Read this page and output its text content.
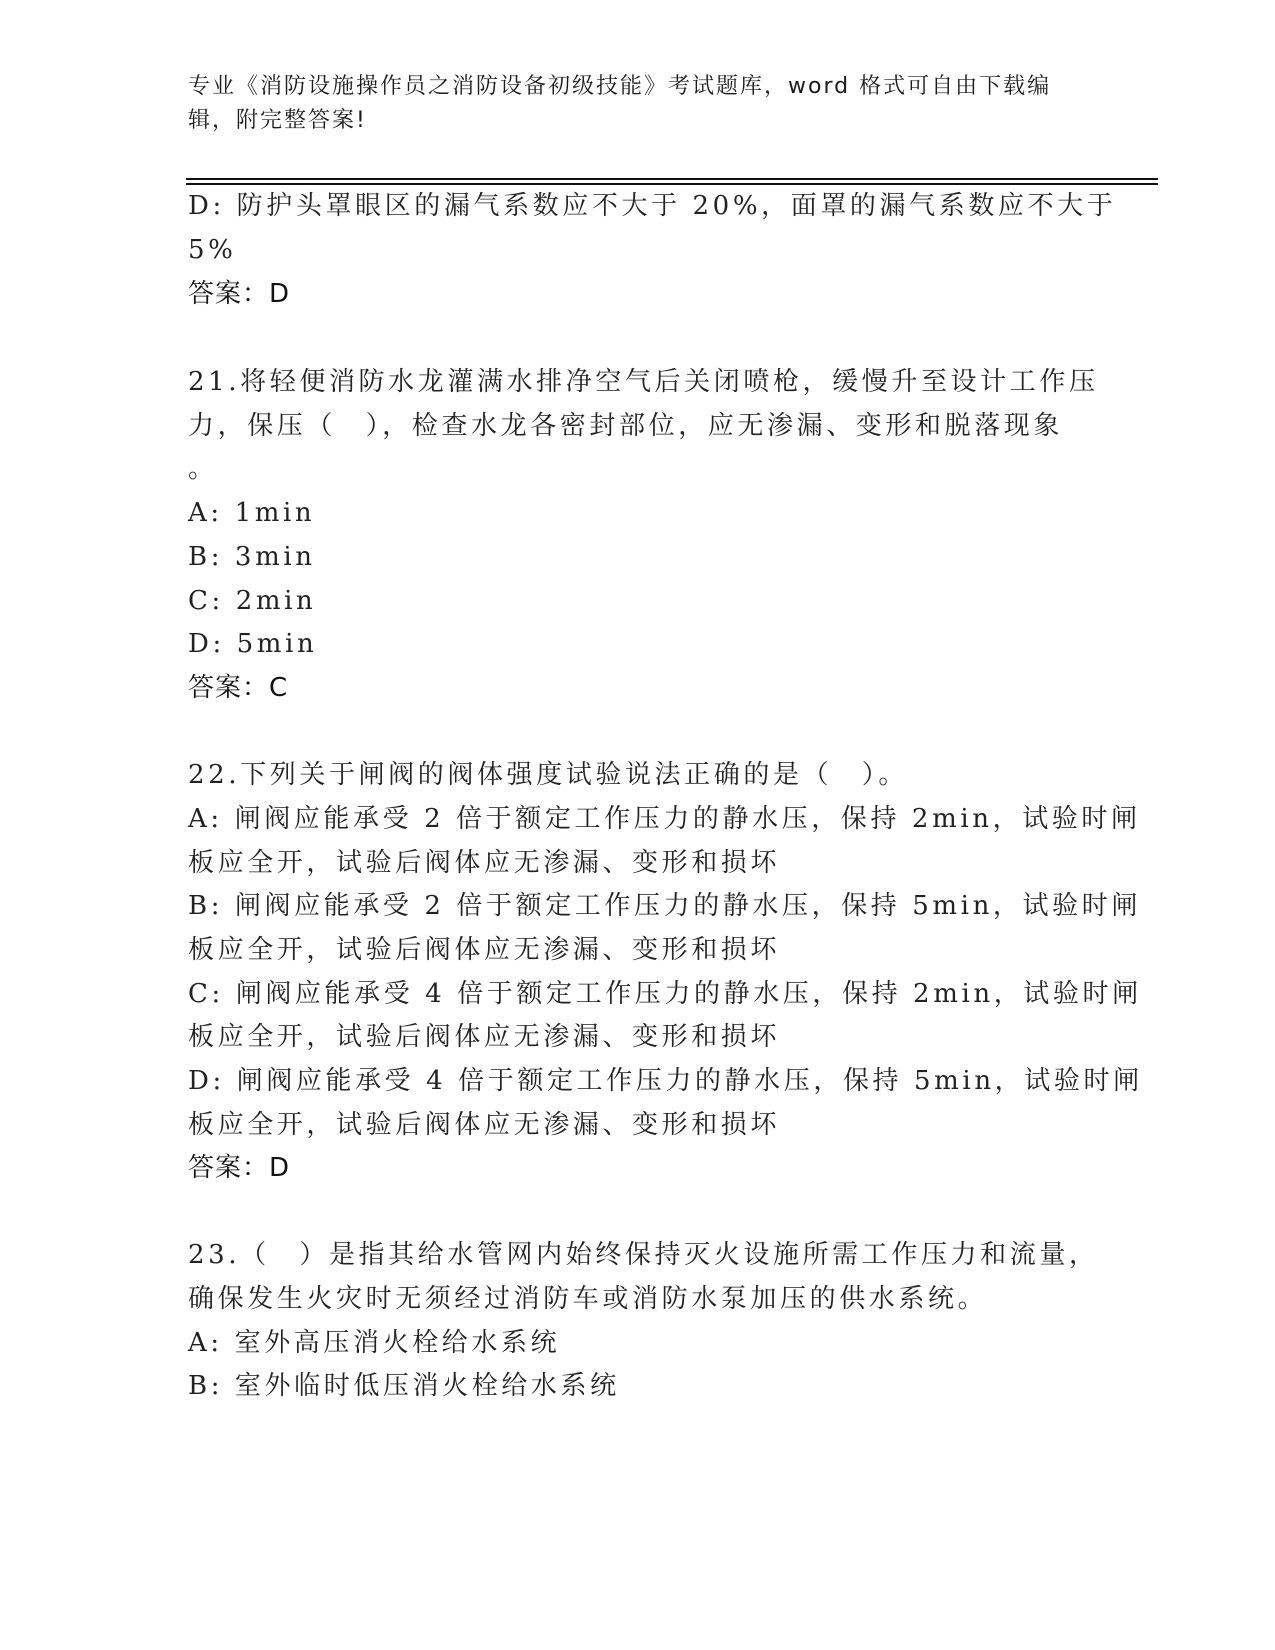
专业《消防设施操作员之消防设备初级技能》考试题库，word 格式可自由下载编
辑，附完整答案!
D: 防护头罩眼区的漏气系数应不大于 20%，面罩的漏气系数应不大于
5%
答案：D
21.将轻便消防水龙灌满水排净空气后关闭喷枪，缓慢升至设计工作压
力，保压（　），检查水龙各密封部位，应无渗漏、变形和脱落现象
。
A: 1min
B: 3min
C: 2min
D: 5min
答案：C
22.下列关于闸阀的阀体强度试验说法正确的是（　）。
A: 闸阀应能承受 2 倍于额定工作压力的静水压，保持 2min，试验时闸
板应全开，试验后阀体应无渗漏、变形和损坏
B: 闸阀应能承受 2 倍于额定工作压力的静水压，保持 5min，试验时闸
板应全开，试验后阀体应无渗漏、变形和损坏
C: 闸阀应能承受 4 倍于额定工作压力的静水压，保持 2min，试验时闸
板应全开，试验后阀体应无渗漏、变形和损坏
D: 闸阀应能承受 4 倍于额定工作压力的静水压，保持 5min，试验时闸
板应全开，试验后阀体应无渗漏、变形和损坏
答案：D
23.（　）是指其给水管网内始终保持灭火设施所需工作压力和流量，
确保发生火灾时无须经过消防车或消防水泵加压的供水系统。
A: 室外高压消火栓给水系统
B: 室外临时低压消火栓给水系统
